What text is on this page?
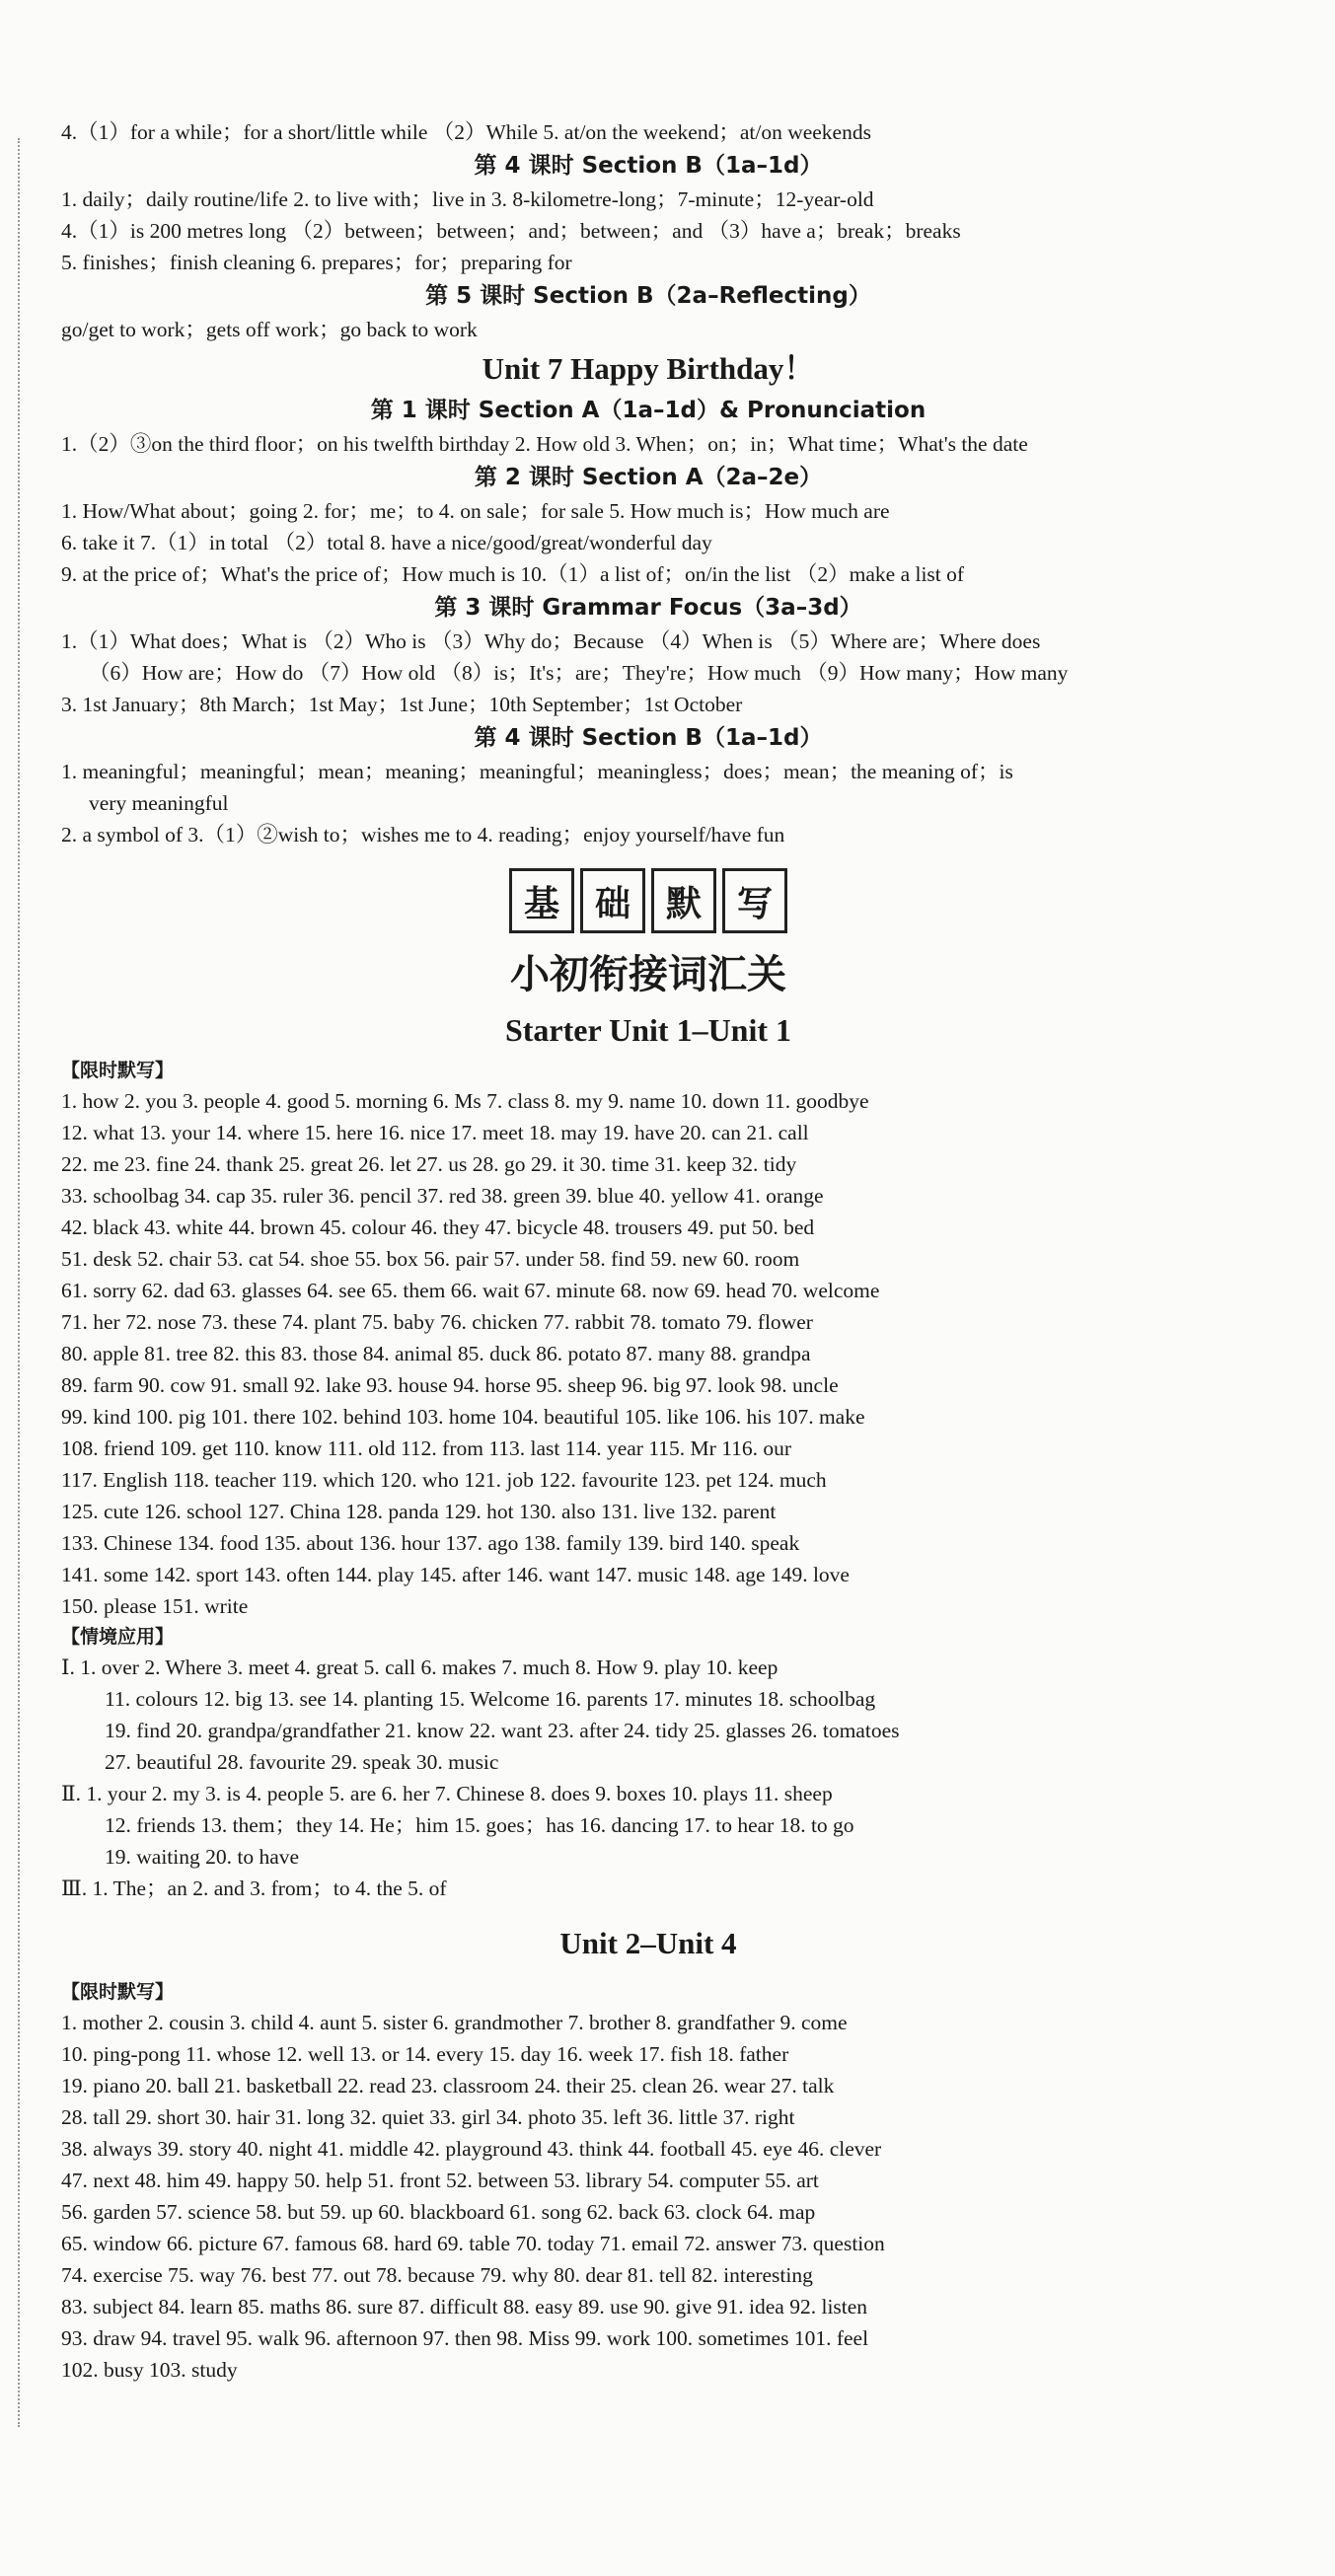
4.（1）for a while；for a short/little while （2）While 5. at/on the weekend；at/on weekends
第 4 课时 Section B（1a–1d）
1. daily；daily routine/life 2. to live with；live in 3. 8-kilometre-long；7-minute；12-year-old
4.（1）is 200 metres long （2）between；between；and；between；and （3）have a；break；breaks
5. finishes；finish cleaning 6. prepares；for；preparing for
第 5 课时 Section B（2a–Reflecting）
go/get to work；gets off work；go back to work
Unit 7 Happy Birthday！
第 1 课时 Section A（1a–1d）& Pronunciation
1.（2）③on the third floor；on his twelfth birthday 2. How old 3. When；on；in；What time；What's the date
第 2 课时 Section A（2a–2e）
1. How/What about；going 2. for；me；to 4. on sale；for sale 5. How much is；How much are
6. take it 7.（1）in total （2）total 8. have a nice/good/great/wonderful day
9. at the price of；What's the price of；How much is 10.（1）a list of；on/in the list （2）make a list of
第 3 课时 Grammar Focus（3a–3d）
1.（1）What does；What is （2）Who is （3）Why do；Because （4）When is （5）Where are；Where does
（6）How are；How do （7）How old （8）is；It's；are；They're；How much （9）How many；How many
3. 1st January；8th March；1st May；1st June；10th September；1st October
第 4 课时 Section B（1a–1d）
1. meaningful；meaningful；mean；meaning；meaningful；meaningless；does；mean；the meaning of；is
very meaningful
2. a symbol of 3.（1）②wish to；wishes me to 4. reading；enjoy yourself/have fun
基 础 默 写
小初衔接词汇关
Starter Unit 1–Unit 1
【限时默写】
1. how 2. you 3. people 4. good 5. morning 6. Ms 7. class 8. my 9. name 10. down 11. goodbye
12. what 13. your 14. where 15. here 16. nice 17. meet 18. may 19. have 20. can 21. call
22. me 23. fine 24. thank 25. great 26. let 27. us 28. go 29. it 30. time 31. keep 32. tidy
33. schoolbag 34. cap 35. ruler 36. pencil 37. red 38. green 39. blue 40. yellow 41. orange
42. black 43. white 44. brown 45. colour 46. they 47. bicycle 48. trousers 49. put 50. bed
51. desk 52. chair 53. cat 54. shoe 55. box 56. pair 57. under 58. find 59. new 60. room
61. sorry 62. dad 63. glasses 64. see 65. them 66. wait 67. minute 68. now 69. head 70. welcome
71. her 72. nose 73. these 74. plant 75. baby 76. chicken 77. rabbit 78. tomato 79. flower
80. apple 81. tree 82. this 83. those 84. animal 85. duck 86. potato 87. many 88. grandpa
89. farm 90. cow 91. small 92. lake 93. house 94. horse 95. sheep 96. big 97. look 98. uncle
99. kind 100. pig 101. there 102. behind 103. home 104. beautiful 105. like 106. his 107. make
108. friend 109. get 110. know 111. old 112. from 113. last 114. year 115. Mr 116. our
117. English 118. teacher 119. which 120. who 121. job 122. favourite 123. pet 124. much
125. cute 126. school 127. China 128. panda 129. hot 130. also 131. live 132. parent
133. Chinese 134. food 135. about 136. hour 137. ago 138. family 139. bird 140. speak
141. some 142. sport 143. often 144. play 145. after 146. want 147. music 148. age 149. love
150. please 151. write
【情境应用】
Ⅰ. 1. over 2. Where 3. meet 4. great 5. call 6. makes 7. much 8. How 9. play 10. keep
11. colours 12. big 13. see 14. planting 15. Welcome 16. parents 17. minutes 18. schoolbag
19. find 20. grandpa/grandfather 21. know 22. want 23. after 24. tidy 25. glasses 26. tomatoes
27. beautiful 28. favourite 29. speak 30. music
Ⅱ. 1. your 2. my 3. is 4. people 5. are 6. her 7. Chinese 8. does 9. boxes 10. plays 11. sheep
12. friends 13. them；they 14. He；him 15. goes；has 16. dancing 17. to hear 18. to go
19. waiting 20. to have
Ⅲ. 1. The；an 2. and 3. from；to 4. the 5. of
Unit 2–Unit 4
【限时默写】
1. mother 2. cousin 3. child 4. aunt 5. sister 6. grandmother 7. brother 8. grandfather 9. come
10. ping-pong 11. whose 12. well 13. or 14. every 15. day 16. week 17. fish 18. father
19. piano 20. ball 21. basketball 22. read 23. classroom 24. their 25. clean 26. wear 27. talk
28. tall 29. short 30. hair 31. long 32. quiet 33. girl 34. photo 35. left 36. little 37. right
38. always 39. story 40. night 41. middle 42. playground 43. think 44. football 45. eye 46. clever
47. next 48. him 49. happy 50. help 51. front 52. between 53. library 54. computer 55. art
56. garden 57. science 58. but 59. up 60. blackboard 61. song 62. back 63. clock 64. map
65. window 66. picture 67. famous 68. hard 69. table 70. today 71. email 72. answer 73. question
74. exercise 75. way 76. best 77. out 78. because 79. why 80. dear 81. tell 82. interesting
83. subject 84. learn 85. maths 86. sure 87. difficult 88. easy 89. use 90. give 91. idea 92. listen
93. draw 94. travel 95. walk 96. afternoon 97. then 98. Miss 99. work 100. sometimes 101. feel
102. busy 103. study
